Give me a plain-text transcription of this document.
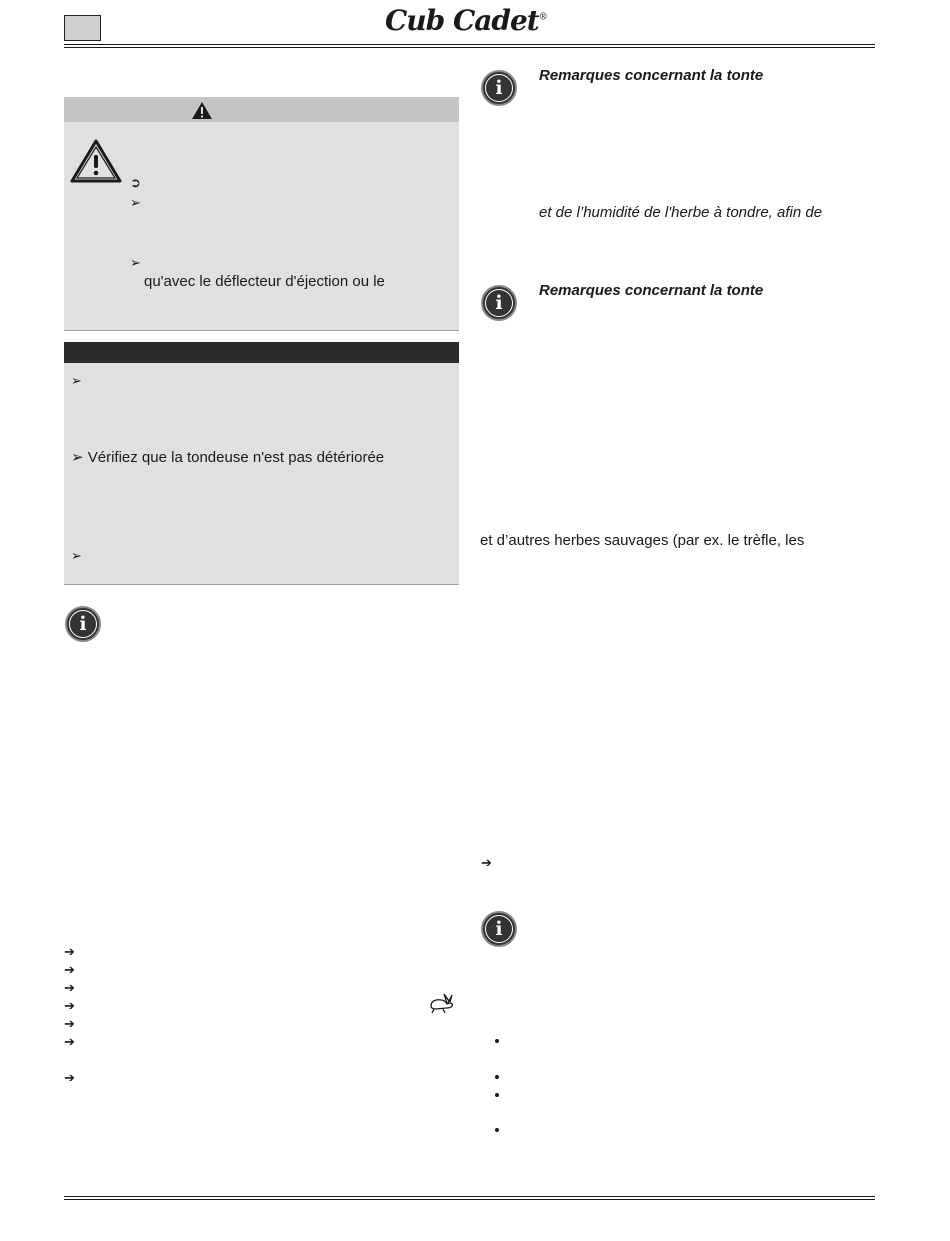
Cub Cadet®
➲
➢
➢
qu'avec le déflecteur d'éjection ou le
➢
➢ Vérifiez que la tondeuse n'est pas détériorée
➢
i
➔
➔
➔
➔
➔
➔
➔
i
Remarques concernant la tonte
et de l’humidité de l'herbe à tondre, afin de
i
Remarques concernant la tonte
et d’autres herbes sauvages (par ex. le trèfle, les
➔
i
